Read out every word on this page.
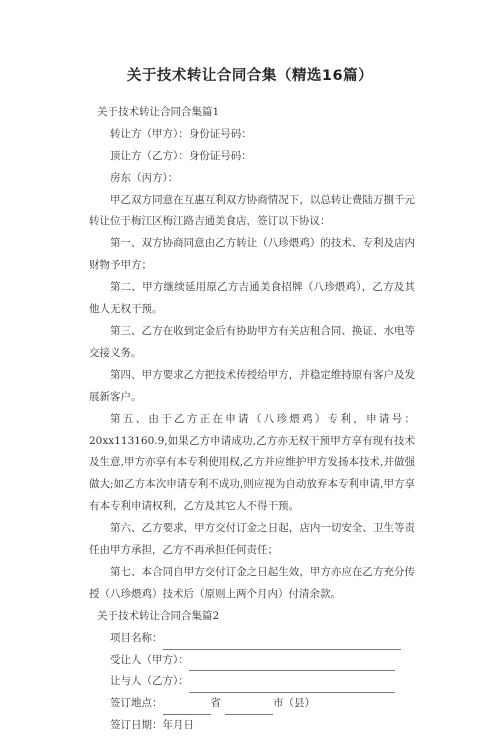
关于技术转让合同合集（精选16篇）
关于技术转让合同合集篇1
转让方（甲方）：身份证号码：
顶让方（乙方）：身份证号码：
房东（丙方）：
甲乙双方同意在互惠互利双方协商情况下，以总转让费陆万捌千元转让位于梅江区梅江路吉通美食店，签订以下协议：
第一、双方协商同意由乙方转让（八珍煨鸡）的技术、专利及店内财物予甲方；
第二、甲方继续延用原乙方吉通美食招牌（八珍煨鸡），乙方及其他人无权干预。
第三、乙方在收到定金后有协助甲方有关店租合同、换证、水电等交接义务。
第四、甲方要求乙方把技术传授给甲方，并稳定维持原有客户及发展新客户。
第五、由于乙方正在申请（八珍煨鸡）专利，申请号：20xx113160.9,如果乙方申请成功,乙方亦无权干预甲方享有现有技术及生意,甲方亦享有本专利使用权,乙方并应维护甲方发扬本技术,并做强做大;如乙方本次申请专利不成功,则应视为自动放弃本专利申请,甲方享有本专利申请权利，乙方及其它人不得干预。
第六、乙方要求，甲方交付订金之日起，店内一切安全、卫生等责任由甲方承担，乙方不再承担任何责任；
第七、本合同自甲方交付订金之日起生效，甲方亦应在乙方充分传授（八珍煨鸡）技术后（原则上两个月内）付清余款。
关于技术转让合同合集篇2
项目名称：
受让人（甲方）：
让与人（乙方）：
签订地点：	省	市（县）
签订日期：年月日
